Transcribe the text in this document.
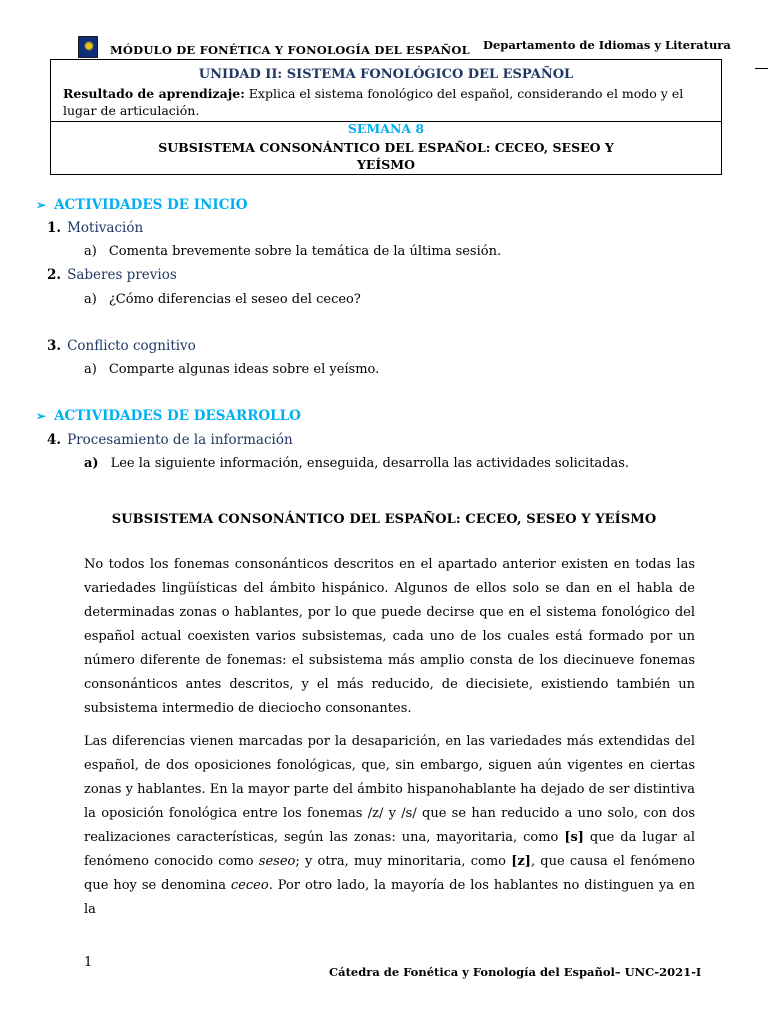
✹ MÓDULO DE FONÉTICA Y FONOLOGÍA DEL ESPAÑOL Departamento de Idiomas y Literatura
UNIDAD II: SISTEMA FONOLÓGICO DEL ESPAÑOL
Resultado de aprendizaje: Explica el sistema fonológico del español, considerando el modo y el lugar de articulación.
SEMANA 8
SUBSISTEMA CONSONÁNTICO DEL ESPAÑOL: CECEO, SESEO Y
YEÍSMO
➢ ACTIVIDADES DE INICIO
1. Motivación
a) Comenta brevemente sobre la temática de la última sesión.
2. Saberes previos
a) ¿Cómo diferencias el seseo del ceceo?
3. Conflicto cognitivo
a) Comparte algunas ideas sobre el yeísmo.
➢ ACTIVIDADES DE DESARROLLO
4. Procesamiento de la información
a) Lee la siguiente información, enseguida, desarrolla las actividades solicitadas.
SUBSISTEMA CONSONÁNTICO DEL ESPAÑOL: CECEO, SESEO Y YEÍSMO
No todos los fonemas consonánticos descritos en el apartado anterior existen en todas las variedades lingüísticas del ámbito hispánico. Algunos de ellos solo se dan en el habla de determinadas zonas o hablantes, por lo que puede decirse que en el sistema fonológico del español actual coexisten varios subsistemas, cada uno de los cuales está formado por un número diferente de fonemas: el subsistema más amplio consta de los diecinueve fonemas consonánticos antes descritos, y el más reducido, de diecisiete, existiendo también un subsistema intermedio de dieciocho consonantes.
Las diferencias vienen marcadas por la desaparición, en las variedades más extendidas del español, de dos oposiciones fonológicas, que, sin embargo, siguen aún vigentes en ciertas zonas y hablantes. En la mayor parte del ámbito hispanohablante ha dejado de ser distintiva la oposición fonológica entre los fonemas /z/ y /s/ que se han reducido a uno solo, con dos realizaciones características, según las zonas: una, mayoritaria, como [s] que da lugar al fenómeno conocido como seseo; y otra, muy minoritaria, como [z], que causa el fenómeno que hoy se denomina ceceo. Por otro lado, la mayoría de los hablantes no distinguen ya en la
1
Cátedra de Fonética y Fonología del Español– UNC-2021-I
